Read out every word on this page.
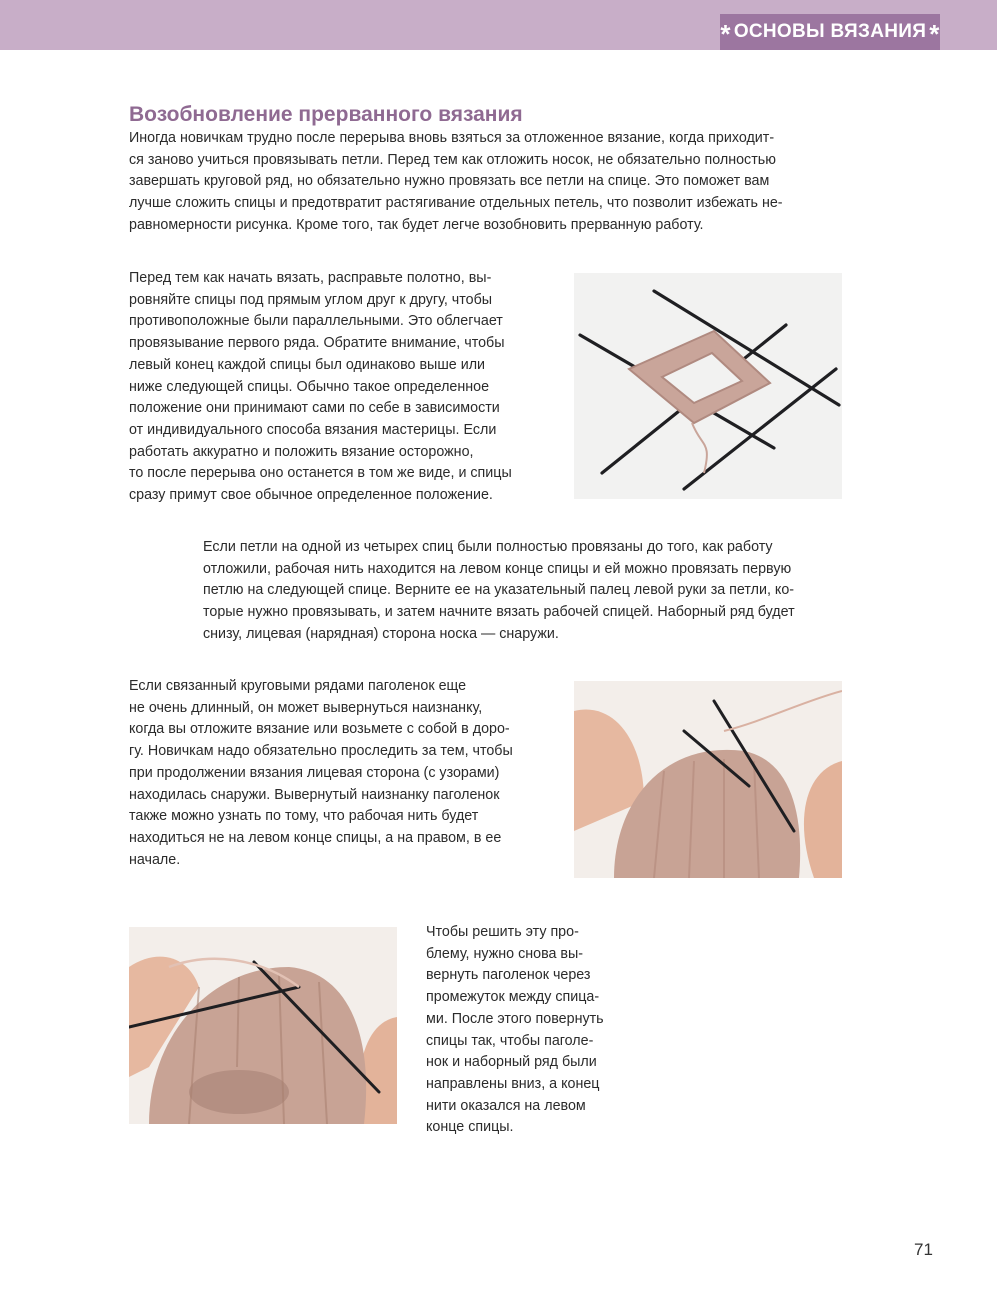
* ОСНОВЫ ВЯЗАНИЯ *
Возобновление прерванного вязания

Иногда новичкам трудно после перерыва вновь взяться за отложенное вязание, когда приходит-
ся заново учиться провязывать петли. Перед тем как отложить носок, не обязательно полностью
завершать круговой ряд, но обязательно нужно провязать все петли на спице. Это поможет вам
лучше сложить спицы и предотвратит растягивание отдельных петель, что позволит избежать не-
равномерности рисунка. Кроме того, так будет легче возобновить прерванную работу.

Перед тем как начать вязать, расправьте полотно, вы-
ровняйте спицы под прямым углом друг к другу, чтобы
противоположные были параллельными. Это облегчает
провязывание первого ряда. Обратите внимание, чтобы
левый конец каждой спицы был одинаково выше или
ниже следующей спицы. Обычно такое определенное
положение они принимают сами по себе в зависимости
от индивидуального способа вязания мастерицы. Если
работать аккуратно и положить вязание осторожно,
то после перерыва оно останется в том же виде, и спицы
сразу примут свое обычное определенное положение.

Если петли на одной из четырех спиц были полностью провязаны до того, как работу
отложили, рабочая нить находится на левом конце спицы и ей можно провязать первую
петлю на следующей спице. Верните ее на указательный палец левой руки за петли, ко-
торые нужно провязывать, и затем начните вязать рабочей спицей. Наборный ряд будет
снизу, лицевая (нарядная) сторона носка — снаружи.

Если связанный круговыми рядами паголенок еще
не очень длинный, он может вывернуться наизнанку,
когда вы отложите вязание или возьмете с собой в доро-
гу. Новичкам надо обязательно проследить за тем, чтобы
при продолжении вязания лицевая сторона (с узорами)
находилась снаружи. Вывернутый наизнанку паголенок
также можно узнать по тому, что рабочая нить будет
находиться не на левом конце спицы, а на правом, в ее
начале.

Чтобы решить эту про-
блему, нужно снова вы-
вернуть паголенок через
промежуток между спица-
ми. После этого повернуть
спицы так, чтобы паголе-
нок и наборный ряд были
направлены вниз, а конец
нити оказался на левом
конце спицы.

71
